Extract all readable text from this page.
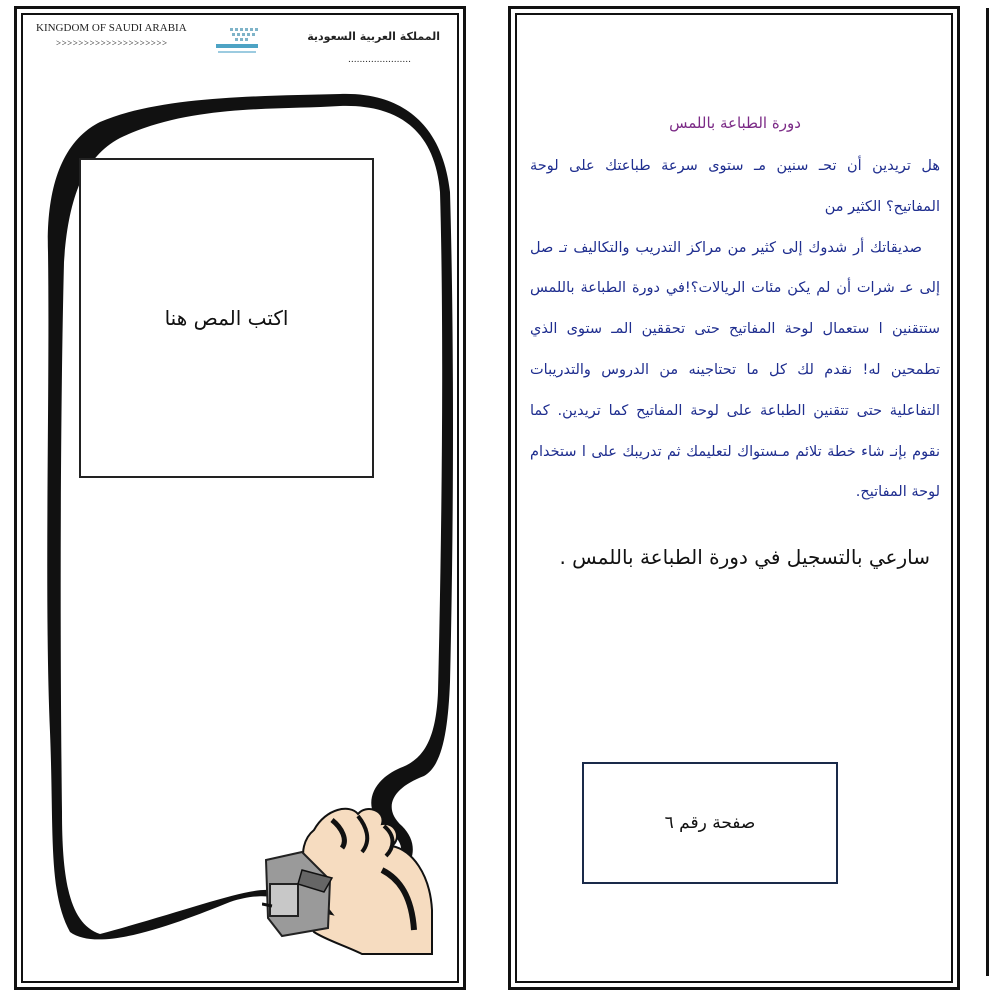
KINGDOM OF SAUDI ARABIA
>>>>>>>>>>>>>>>>>>>>	المملكة العربية السعودية
......................
اكتب المص هنا
دورة الطباعة باللمس

هل تريدين أن تحـ سنين مـ ستوى سرعة طباعتك على لوحة المفاتيح؟ الكثير من

صديقاتك أر شدوك إلى كثير من مراكز التدريب والتكاليف تـ صل إلى عـ شرات أن لم يكن مئات الريالات؟!في دورة الطباعة باللمس ستتقنين ا ستعمال لوحة المفاتيح حتى تحققين المـ ستوى الذي تطمحين له! نقدم لك كل ما تحتاجينه من الدروس والتدريبات التفاعلية حتى تتقنين الطباعة على لوحة المفاتيح كما تريدين. كما نقوم بإنـ شاء خطة تلائم مـستواك لتعليمك ثم تدريبك على ا ستخدام لوحة المفاتيح.

سارعي بالتسجيل في دورة الطباعة باللمس .
صفحة رقم ٦
